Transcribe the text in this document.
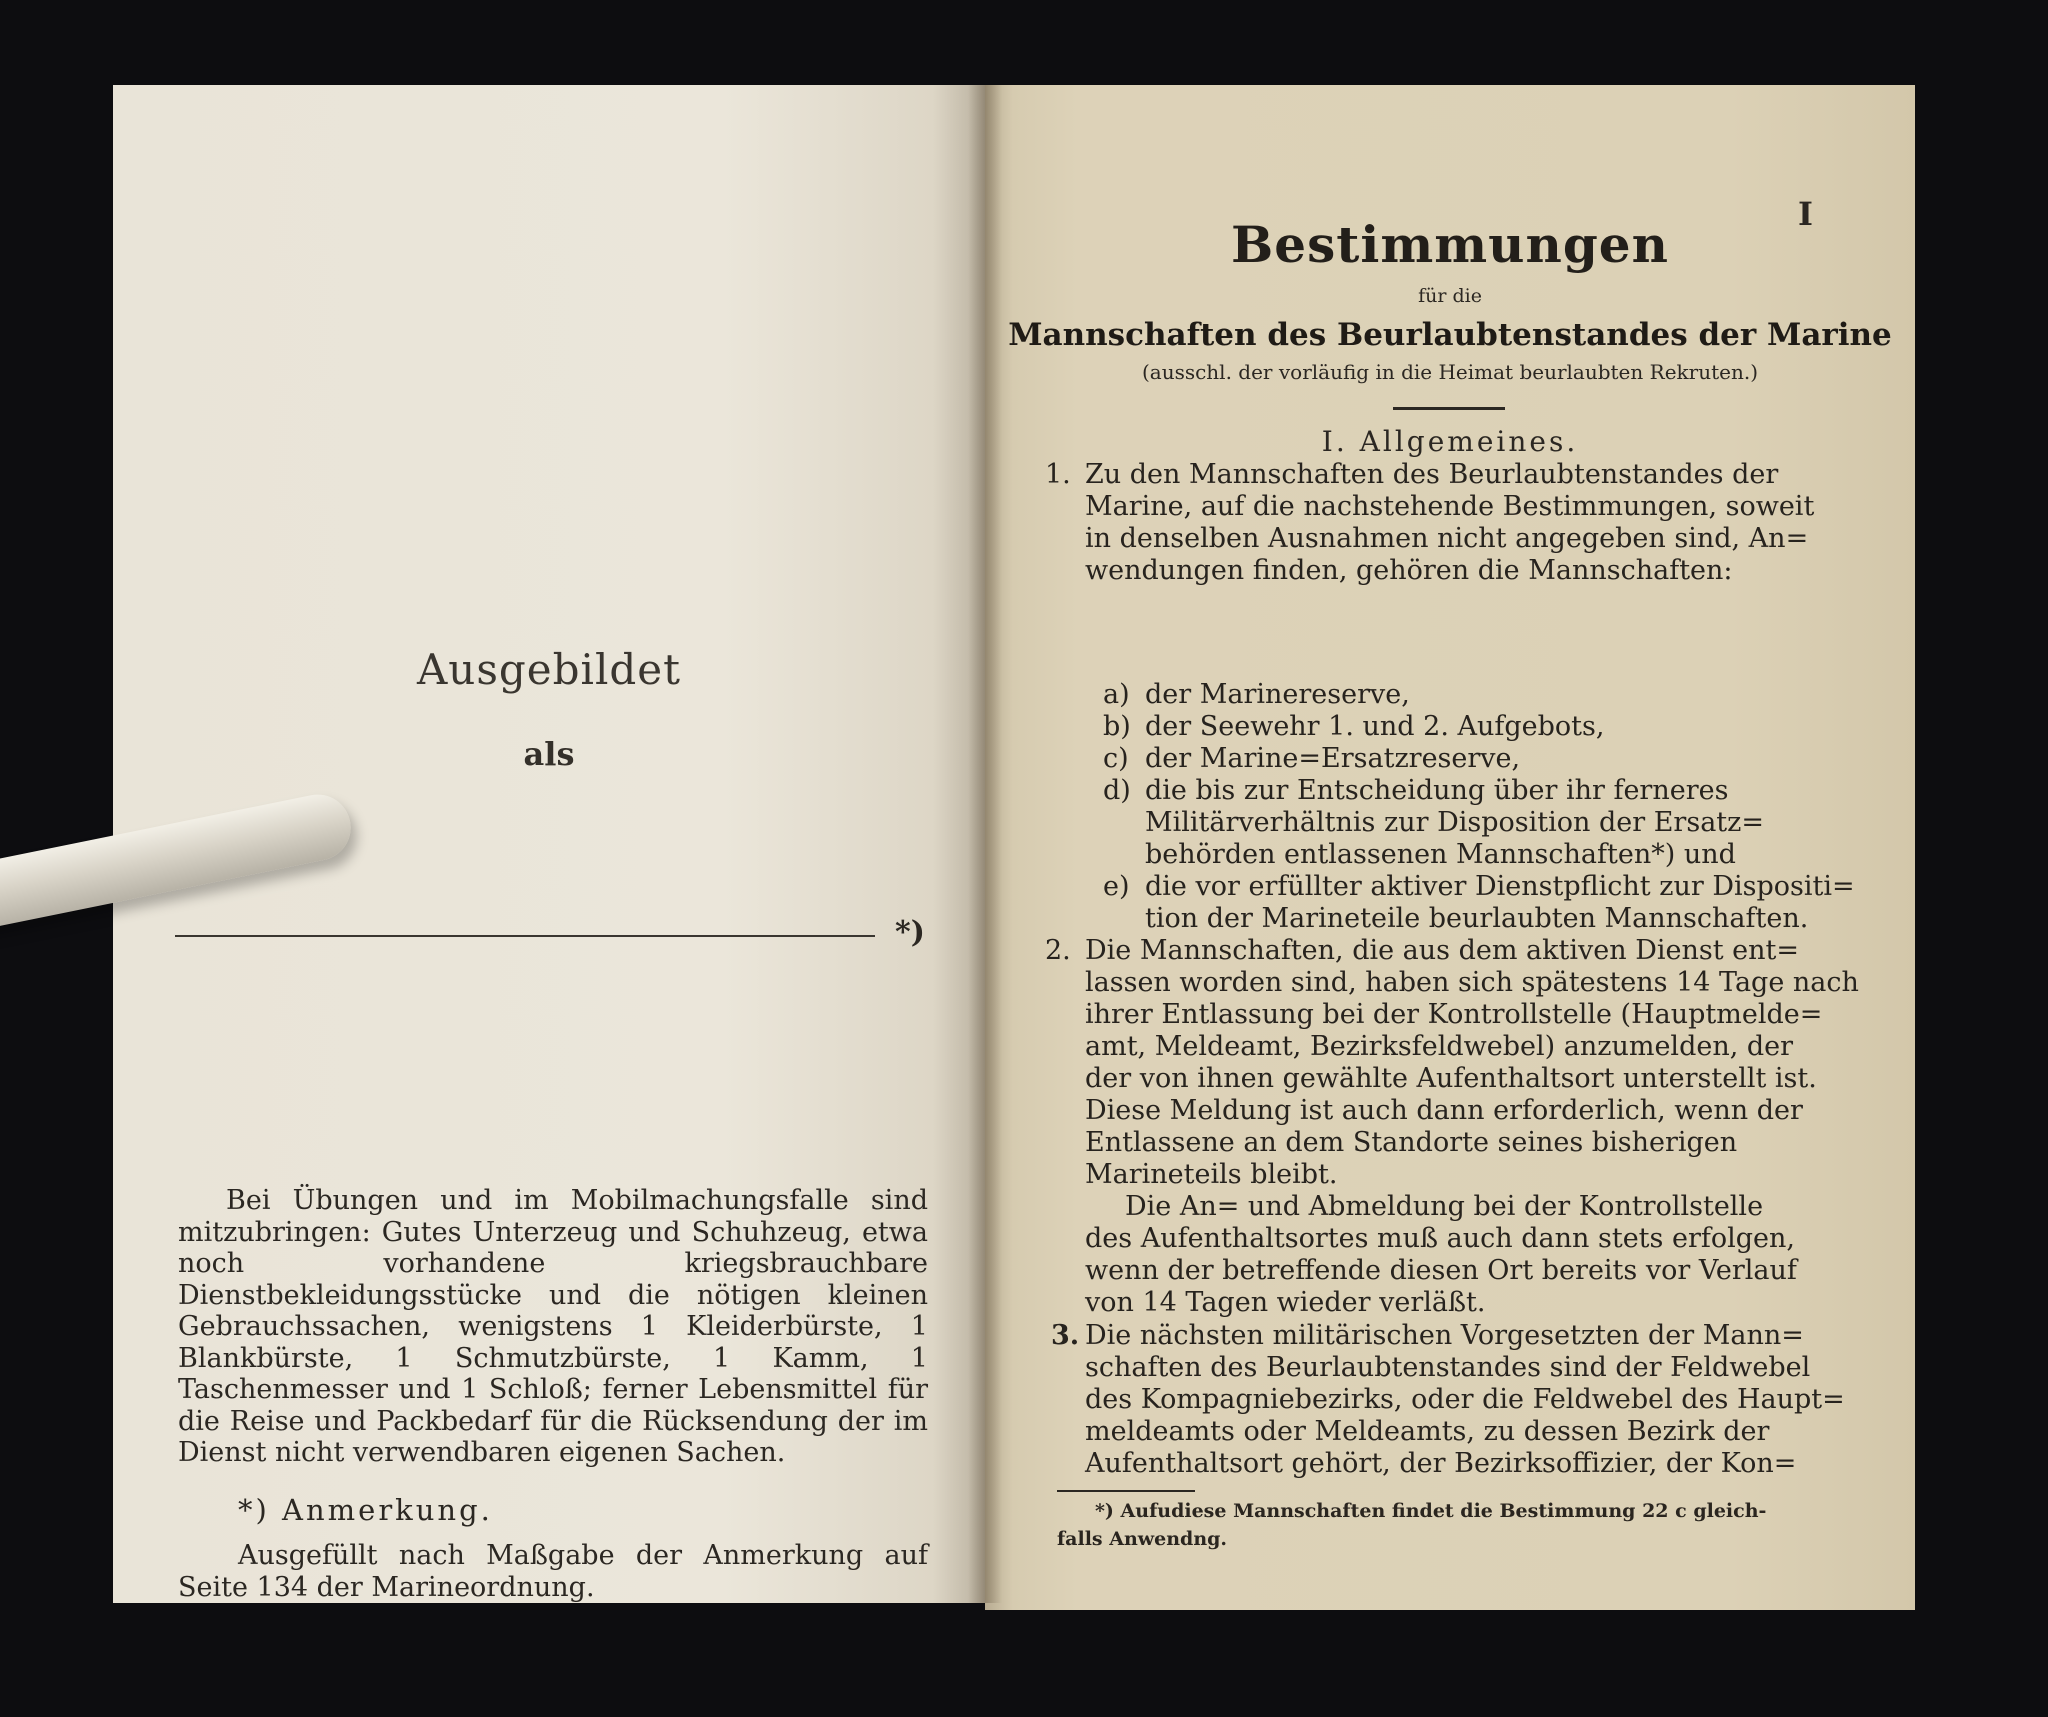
Ausgebildet
als
*)
Bei Übungen und im Mobilmachungsfalle sind mitzubringen: Gutes Unterzeug und Schuhzeug, etwa noch vorhandene kriegsbrauchbare Dienstbekleidungsstücke und die nötigen kleinen Gebrauchssachen, wenigstens 1 Kleiderbürste, 1 Blankbürste, 1 Schmutzbürste, 1 Kamm, 1 Taschenmesser und 1 Schloß; ferner Lebensmittel für die Reise und Packbedarf für die Rücksendung der im Dienst nicht verwendbaren eigenen Sachen.
*) Anmerkung.
Ausgefüllt nach Maßgabe der Anmerkung auf Seite 134 der Marineordnung.
I
Bestimmungen
für die
Mannschaften des Beurlaubtenstandes der Marine
(ausschl. der vorläufig in die Heimat beurlaubten Rekruten.)
I. Allgemeines.
1.
a)
b)
c)
d)
e)
2.
3.
Zu den Mannschaften des Beurlaubtenstandes der
Marine, auf die nachstehende Bestimmungen, soweit
in denselben Ausnahmen nicht angegeben sind, An=
wendungen finden, gehören die Mannschaften:
der Marinereserve,
der Seewehr 1. und 2. Aufgebots,
der Marine=Ersatzreserve,
die bis zur Entscheidung über ihr ferneres
Militärverhältnis zur Disposition der Ersatz=
behörden entlassenen Mannschaften*) und
die vor erfüllter aktiver Dienstpflicht zur Dispositi=
tion der Marineteile beurlaubten Mannschaften.
Die Mannschaften, die aus dem aktiven Dienst ent=
lassen worden sind, haben sich spätestens 14 Tage nach
ihrer Entlassung bei der Kontrollstelle (Hauptmelde=
amt, Meldeamt, Bezirksfeldwebel) anzumelden, der
der von ihnen gewählte Aufenthaltsort unterstellt ist.
Diese Meldung ist auch dann erforderlich, wenn der
Entlassene an dem Standorte seines bisherigen
Marineteils bleibt.
Die An= und Abmeldung bei der Kontrollstelle
des Aufenthaltsortes muß auch dann stets erfolgen,
wenn der betreffende diesen Ort bereits vor Verlauf
von 14 Tagen wieder verläßt.
Die nächsten militärischen Vorgesetzten der Mann=
schaften des Beurlaubtenstandes sind der Feldwebel
des Kompagniebezirks, oder die Feldwebel des Haupt=
meldeamts oder Meldeamts, zu dessen Bezirk der
Aufenthaltsort gehört, der Bezirksoffizier, der Kon=
*) Aufudiese Mannschaften findet die Bestimmung 22 c gleich-
falls Anwendng.
